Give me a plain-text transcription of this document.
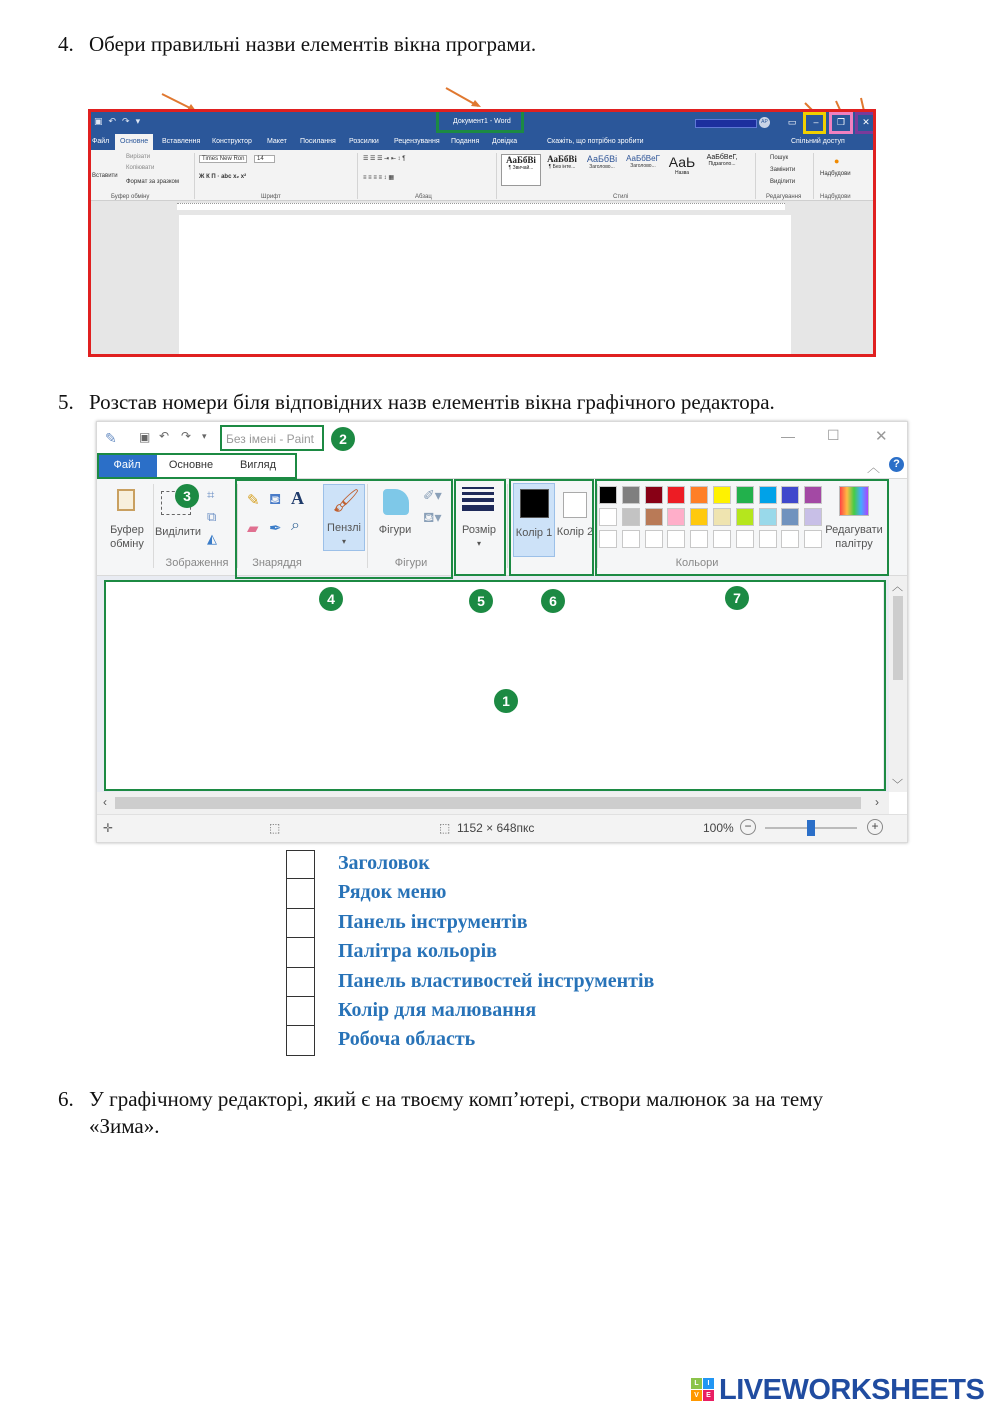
4. Обери правильні назви елементів вікна програми.
▣↶↷▾	Документ1 - Word	AP	▭	–	❐	✕
Файл	Основне	Вставлення Конструктор Макет Посилання Розсилки Рецензування Подання Довідка	Скажіть, що потрібно зробити	Спільний доступ
Вставити
Вирізати
Копіювати
Формат за зразком
Буфер обміну
Times New Ron	14
Ж К П · abc x₂ x²
Шрифт
☰ ☰ ☰ ⇥ ⇤ ↕ ¶
≡ ≡ ≡ ≡ ↕ ▦
Абзац
АаБбВі
¶ Звичай...
АаБбВі
¶ Без інте...
АаБбВі
Заголово...
АаБбВеГ
Заголово... АаЬ
Назва
АаБбВеГ,
Підзаголо...
Стилі
Пошук
Замінити
Виділити
Редагування
●
Надбудови
Надбудови
5. Розстав номери біля відповідних назв елементів вікна графічного редактора.
✎ ▣ ↶ ↷ ▾ Без імені - Paint	— ☐ ✕
Файл	Основне	Вигляд	︿	?
Буфер обміну
Виділити
⌗
⧉
◭
Зображення
✎ ⛾ A
▰ ✒ ⌕
Знаряддя
🖌
Пензлі
▾
Фігури
✐▾
⛾▾
Фігури
Розмір
▾
Колір 1 Колір 2	Редагувати палітру
Кольори
︿
﹀
‹	›
✛	⬚	⬚ 1152 × 648пкс	100% −	+
1
2
3
4	5	6	7
Заголовок
Рядок меню
Панель інструментів
Палітра кольорів
Панель властивостей інструментів
Колір для малювання
Робоча область
6. У графічному редакторі, який є на твоєму комп’ютері, створи малюнок за на тему
«Зима».
L	I
V	E LIVEWORKSHEETS
